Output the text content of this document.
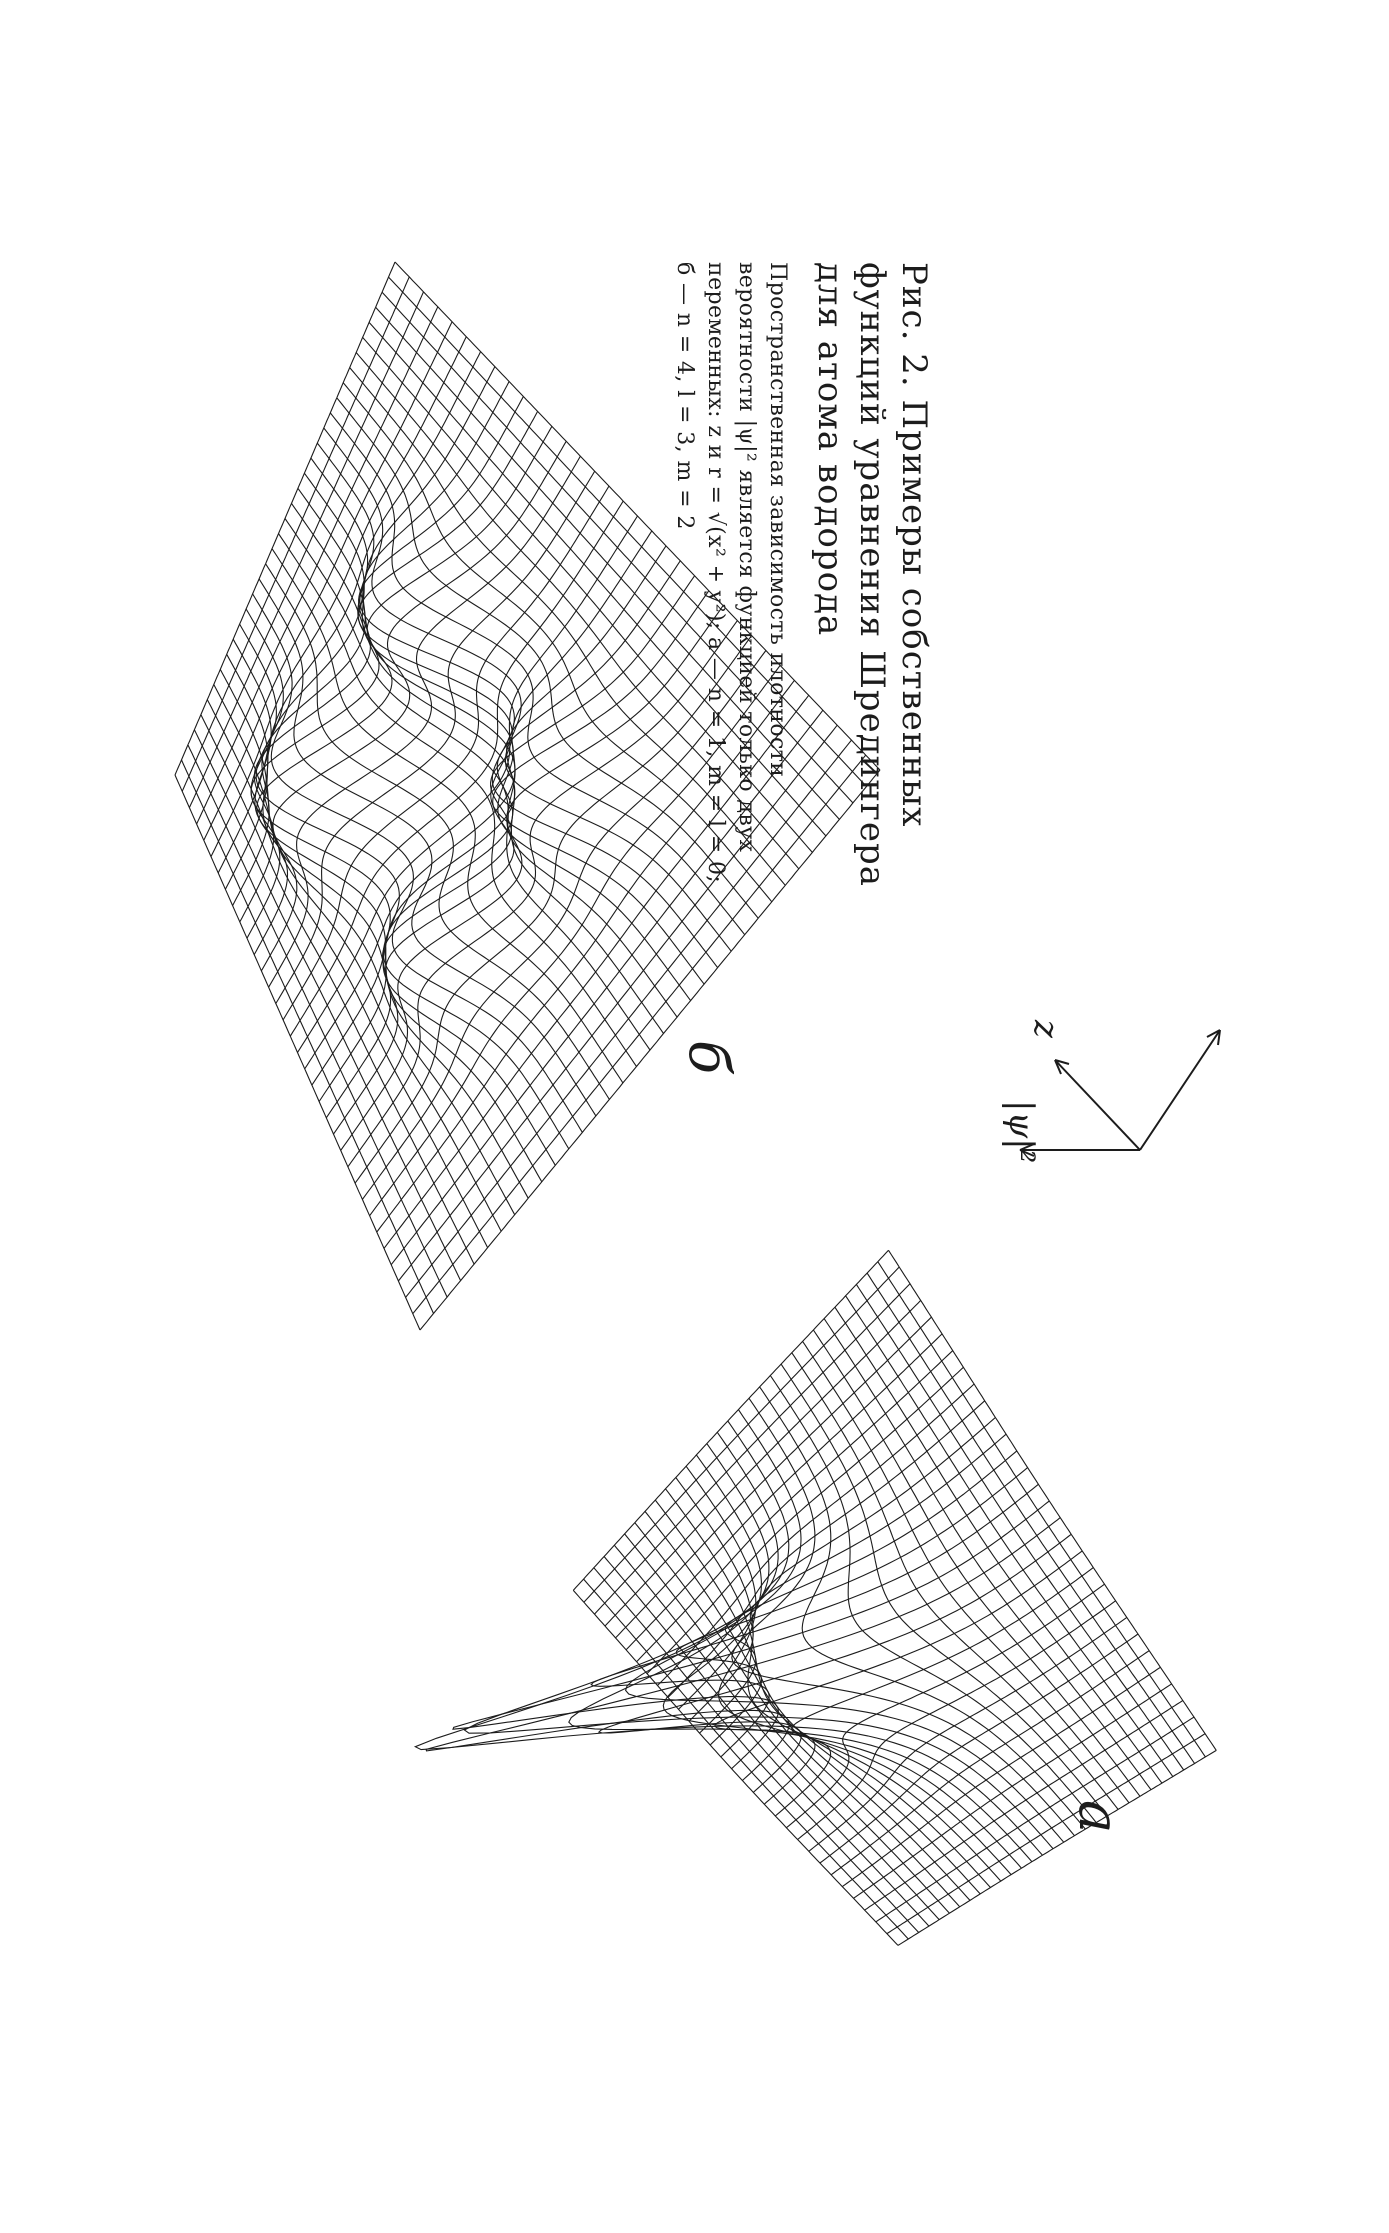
а
б
|ψ|²
z

Рис. 2. Примеры собственных функций уравнения Шредингера для атома водорода

Пространственная зависимость плотности вероятности |ψ|² является функцией только двух переменных: z и r = √(x² + y²); а — n = 1, m = l = 0; б — n = 4, l = 3, m = 2
